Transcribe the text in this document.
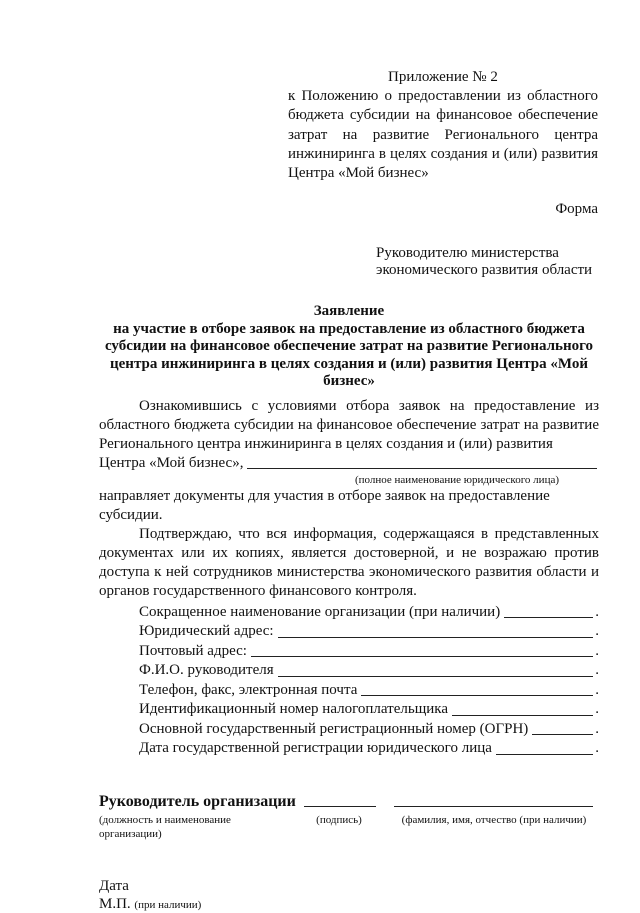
Приложение № 2
к Положению о предоставлении из областного
бюджета субсидии на финансовое обеспечение
затрат на развитие Регионального центра
инжиниринга в целях создания и (или) развития
Центра «Мой бизнес»
Форма
Руководителю министерства
экономического развития области
Заявление
на участие в отборе заявок на предоставление из областного бюджета
субсидии на финансовое обеспечение затрат на развитие Регионального
центра инжиниринга в целях создания и (или) развития Центра «Мой бизнес»
Ознакомившись с условиями отбора заявок на предоставление из областного бюджета субсидии на финансовое обеспечение затрат на развитие Регионального центра инжиниринга в целях создания и (или) развития
Центра «Мой бизнес»,
(полное наименование юридического лица)
направляет документы для участия в отборе заявок на предоставление субсидии.
Подтверждаю, что вся информация, содержащаяся в представленных документах или их копиях, является достоверной, и не возражаю против доступа к ней сотрудников министерства экономического развития области и органов государственного финансового контроля.
Сокращенное наименование организации (при наличии)	.
Юридический адрес:	.
Почтовый адрес:	.
Ф.И.О. руководителя	.
Телефон, факс, электронная почта	.
Идентификационный номер налогоплательщика	.
Основной государственный регистрационный номер (ОГРН)	.
Дата государственной регистрации юридического лица	.
Руководитель организации
(должность и наименование организации)
(подпись)	(фамилия, имя, отчество (при наличии)
Дата
М.П. (при наличии)
